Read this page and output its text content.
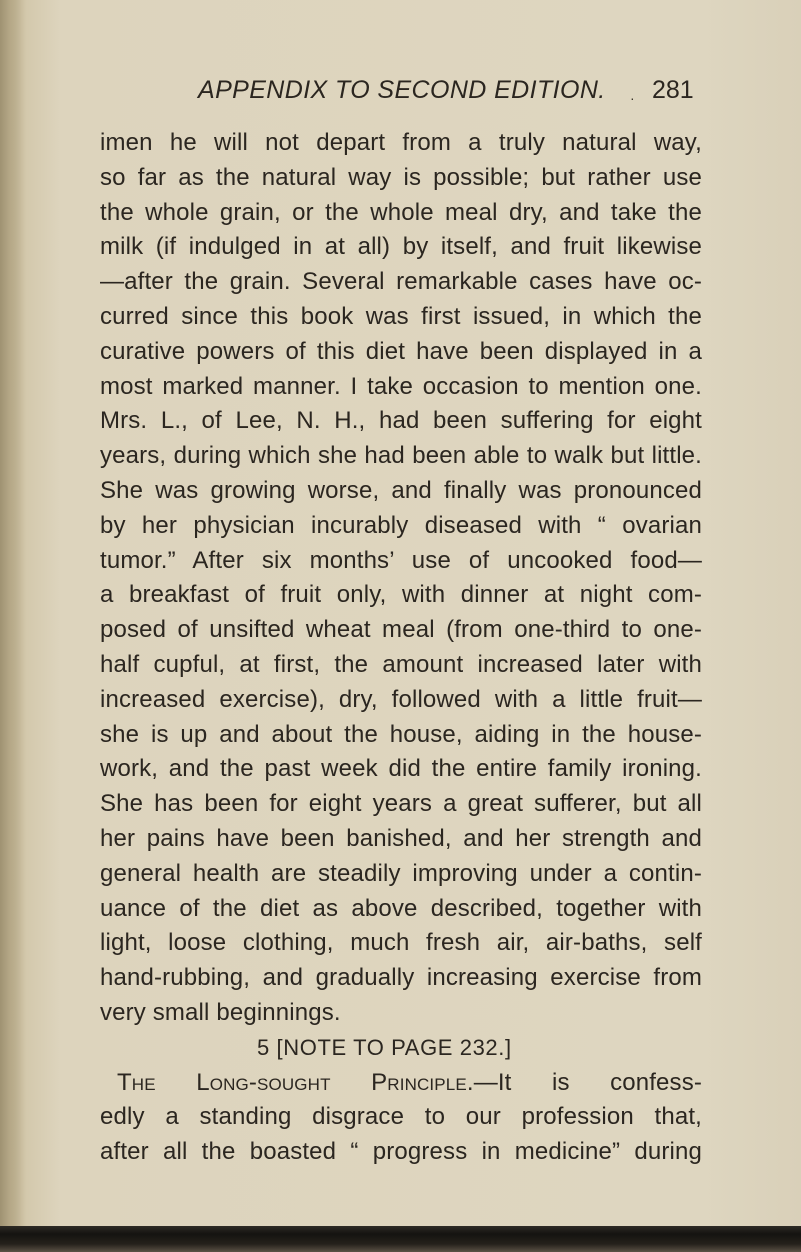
APPENDIX TO SECOND EDITION. · 281
imen he will not depart from a truly natural way,
so far as the natural way is possible; but rather use
the whole grain, or the whole meal dry, and take the
milk (if indulged in at all) by itself, and fruit likewise
—after the grain. Several remarkable cases have oc-
curred since this book was first issued, in which the
curative powers of this diet have been displayed in a
most marked manner. I take occasion to mention one.
Mrs. L., of Lee, N. H., had been suffering for eight
years, during which she had been able to walk but little.
She was growing worse, and finally was pronounced
by her physician incurably diseased with “ ovarian
tumor.” After six months’ use of uncooked food—
a breakfast of fruit only, with dinner at night com-
posed of unsifted wheat meal (from one-third to one-
half cupful, at first, the amount increased later with
increased exercise), dry, followed with a little fruit—
she is up and about the house, aiding in the house-
work, and the past week did the entire family ironing.
She has been for eight years a great sufferer, but all
her pains have been banished, and her strength and
general health are steadily improving under a contin-
uance of the diet as above described, together with
light, loose clothing, much fresh air, air-baths, self
hand-rubbing, and gradually increasing exercise from
very small beginnings.
5 [NOTE TO PAGE 232.]
The Long-sought Principle.—It is confess-
edly a standing disgrace to our profession that,
after all the boasted “ progress in medicine” during
